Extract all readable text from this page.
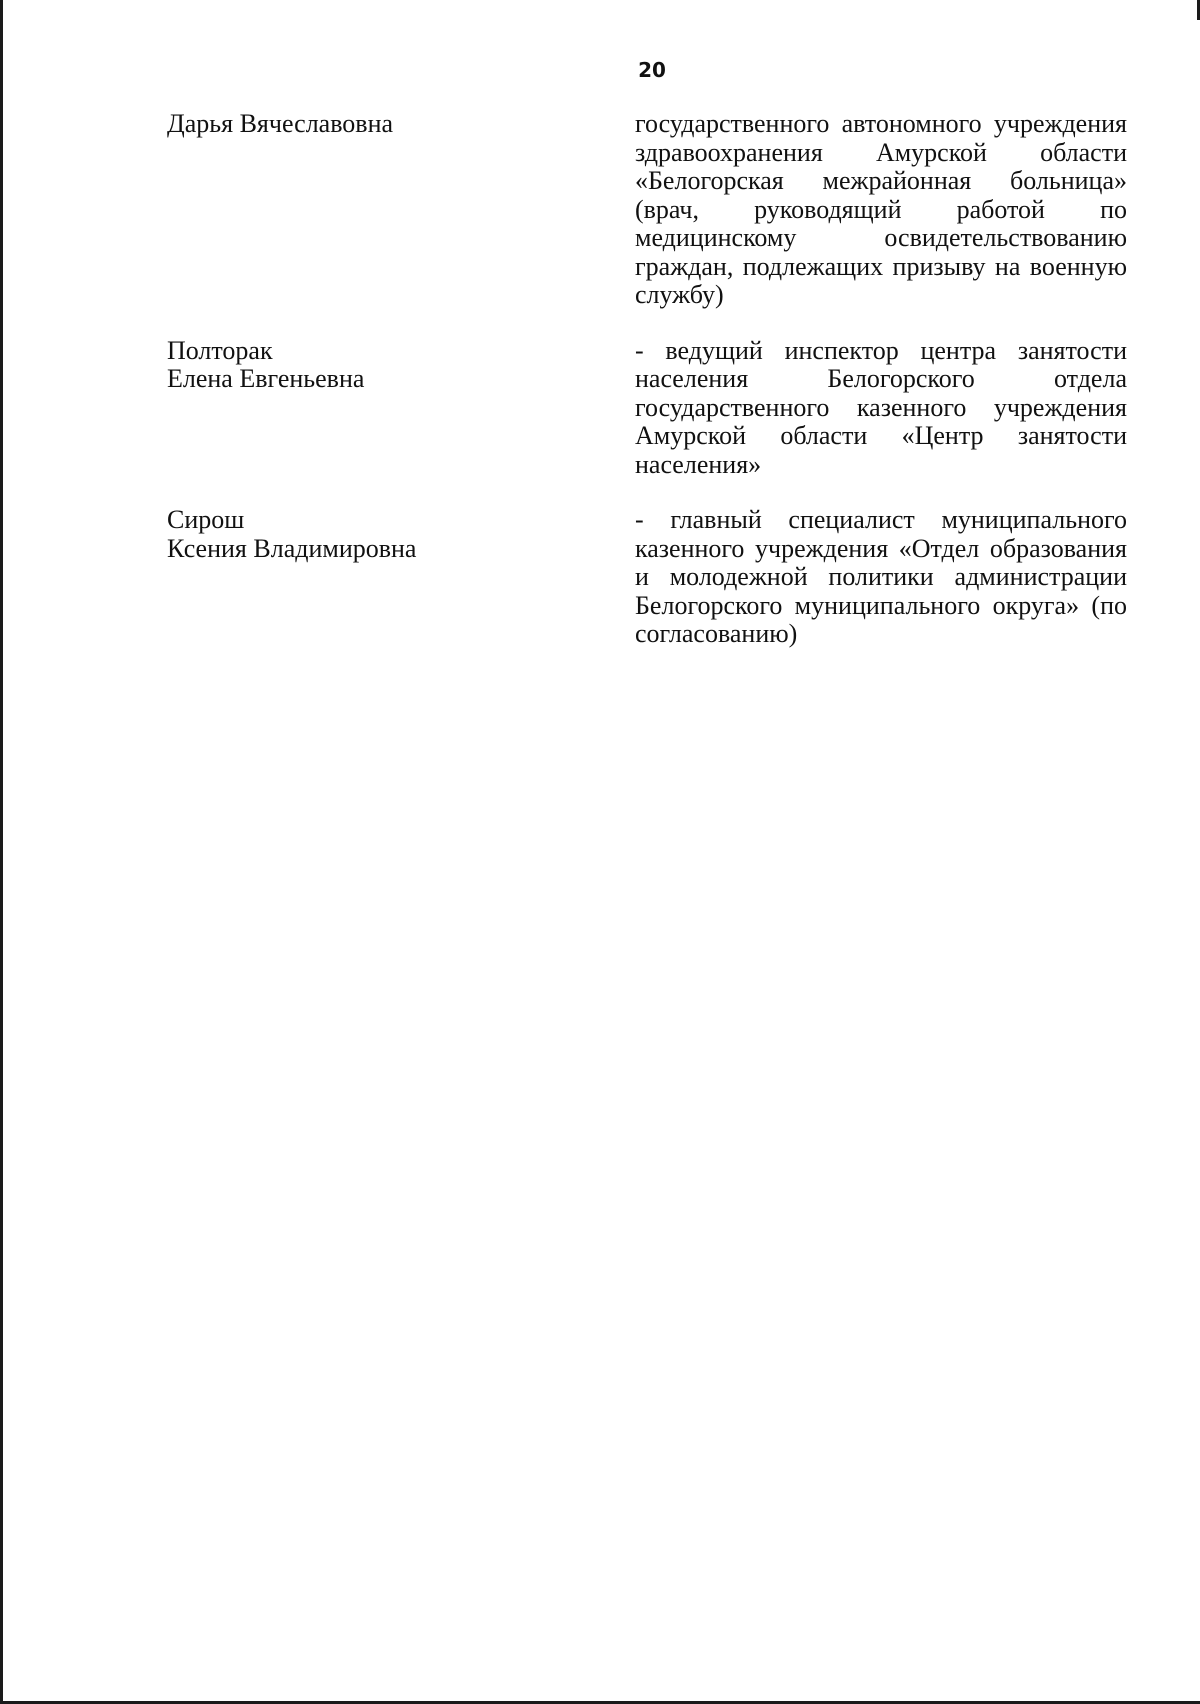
20
Дарья Вячеславовна	государственного автономного учреждения здравоохранения Амурской области «Белогорская межрайонная больница» (врач, руководящий работой по медицинскому освидетельствованию граждан, подлежащих призыву на военную службу)
Полторак
Елена Евгеньевна
- ведущий инспектор центра занятости населения Белогорского отдела государственного казенного учреждения Амурской области «Центр занятости населения»
Сирош
Ксения Владимировна
- главный специалист муниципального казенного учреждения «Отдел образования и молодежной политики администрации Белогорского муниципального округа» (по согласованию)
